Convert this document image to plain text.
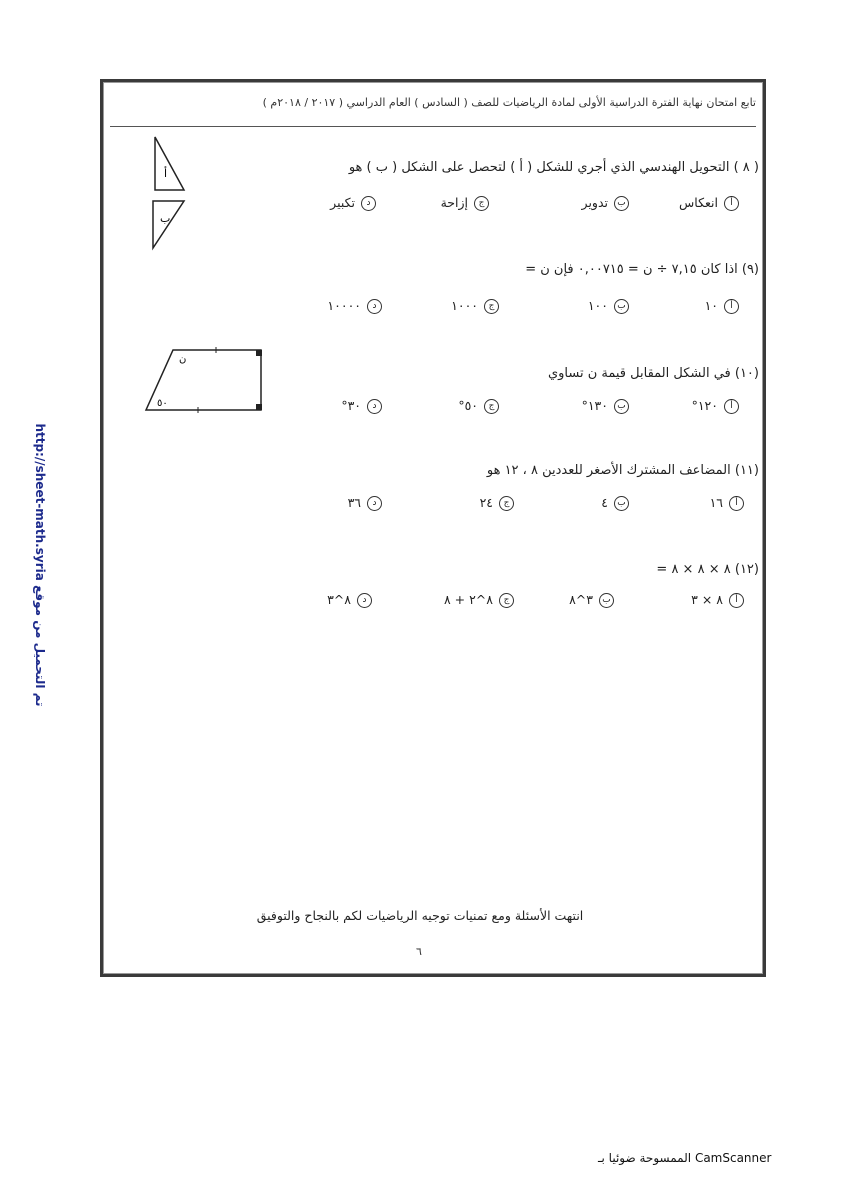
تابع امتحان نهاية الفترة الدراسية الأولى لمادة الرياضيات للصف ( السادس ) العام الدراسي ( ٢٠١٧ / ٢٠١٨م )
( ٨ ) التحويل الهندسي الذي أجري للشكل ( أ ) لتحصل على الشكل ( ب ) هو
أانعكاس
بتدوير
جإزاحة
دتكبير
أ
ب
(٩) اذا كان ٧,١٥ ÷ ن = ٠,٠٠٧١٥ فإن ن =
أ١٠
ب١٠٠
ج١٠٠٠
د١٠٠٠٠
(١٠) في الشكل المقابل قيمة ن تساوي
أ١٢٠°
ب١٣٠°
ج٥٠°
د٣٠°
ن
٥٠
(١١) المضاعف المشترك الأصغر للعددين ٨ ، ١٢ هو
أ١٦
ب٤
ج٢٤
د٣٦
(١٢) ٨ × ٨ × ٨ =
أ٨ × ٣
ب٣^٨
ج٨^٢ + ٨
د٨^٣
انتهت الأسئلة ومع تمنيات توجيه الرياضيات لكم بالنجاح والتوفيق
٦
تم التحميل من موقع http://sheet-math.syria
الممسوحة ضوئيا بـ CamScanner
